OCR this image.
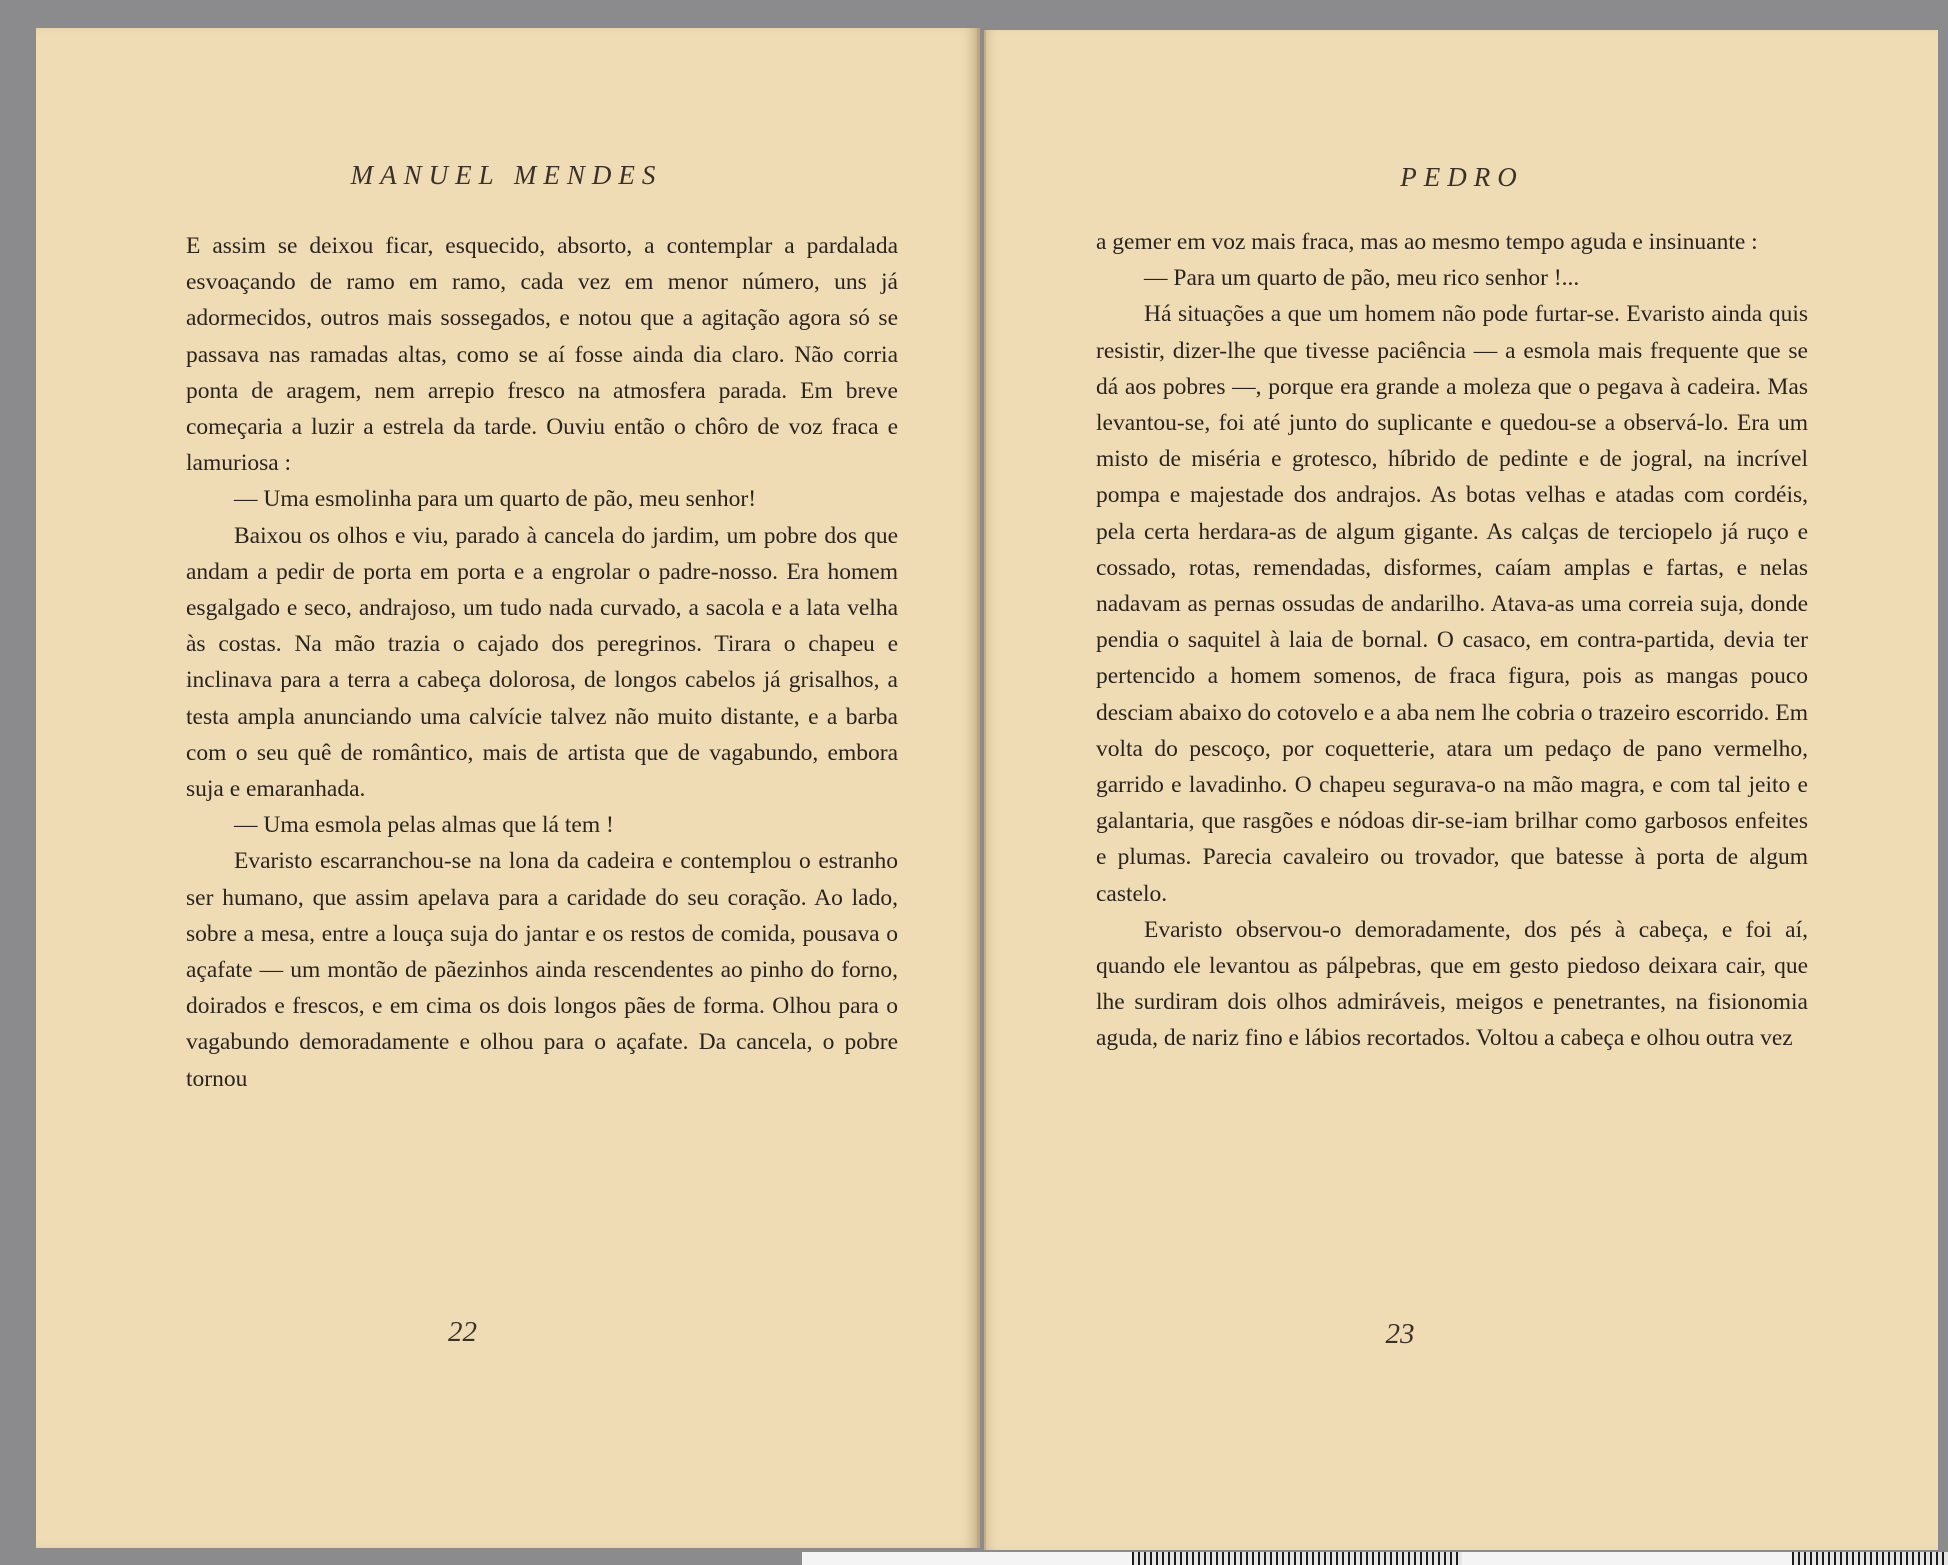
MANUEL MENDES

E assim se deixou ficar, esquecido, absorto, a contemplar a pardalada esvoaçando de ramo em ramo, cada vez em menor número, uns já adormecidos, outros mais sossegados, e notou que a agitação agora só se passava nas ramadas altas, como se aí fosse ainda dia claro. Não corria ponta de aragem, nem arrepio fresco na atmosfera parada. Em breve começaria a luzir a estrela da tarde. Ouviu então o chôro de voz fraca e lamuriosa :

— Uma esmolinha para um quarto de pão, meu senhor!

Baixou os olhos e viu, parado à cancela do jardim, um pobre dos que andam a pedir de porta em porta e a engrolar o padre-nosso. Era homem esgalgado e seco, andrajoso, um tudo nada curvado, a sacola e a lata velha às costas. Na mão trazia o cajado dos peregrinos. Tirara o chapeu e inclinava para a terra a cabeça dolorosa, de longos cabelos já grisalhos, a testa ampla anunciando uma calvície talvez não muito distante, e a barba com o seu quê de romântico, mais de artista que de vagabundo, embora suja e emaranhada.

— Uma esmola pelas almas que lá tem !

Evaristo escarranchou-se na lona da cadeira e contemplou o estranho ser humano, que assim apelava para a caridade do seu coração. Ao lado, sobre a mesa, entre a louça suja do jantar e os restos de comida, pousava o açafate — um montão de pãezinhos ainda rescendentes ao pinho do forno, doirados e frescos, e em cima os dois longos pães de forma. Olhou para o vagabundo demoradamente e olhou para o açafate. Da cancela, o pobre tornou

22
PEDRO

a gemer em voz mais fraca, mas ao mesmo tempo aguda e insinuante :

— Para um quarto de pão, meu rico senhor !...

Há situações a que um homem não pode furtar-se. Evaristo ainda quis resistir, dizer-lhe que tivesse paciência — a esmola mais frequente que se dá aos pobres —, porque era grande a moleza que o pegava à cadeira. Mas levantou-se, foi até junto do suplicante e quedou-se a observá-lo. Era um misto de miséria e grotesco, híbrido de pedinte e de jogral, na incrível pompa e majestade dos andrajos. As botas velhas e atadas com cordéis, pela certa herdara-as de algum gigante. As calças de terciopelo já ruço e cossado, rotas, remendadas, disformes, caíam amplas e fartas, e nelas nadavam as pernas ossudas de andarilho. Atava-as uma correia suja, donde pendia o saquitel à laia de bornal. O casaco, em contra-partida, devia ter pertencido a homem somenos, de fraca figura, pois as mangas pouco desciam abaixo do cotovelo e a aba nem lhe cobria o trazeiro escorrido. Em volta do pescoço, por coquetterie, atara um pedaço de pano vermelho, garrido e lavadinho. O chapeu segurava-o na mão magra, e com tal jeito e galantaria, que rasgões e nódoas dir-se-iam brilhar como garbosos enfeites e plumas. Parecia cavaleiro ou trovador, que batesse à porta de algum castelo.

Evaristo observou-o demoradamente, dos pés à cabeça, e foi aí, quando ele levantou as pálpebras, que em gesto piedoso deixara cair, que lhe surdiram dois olhos admiráveis, meigos e penetrantes, na fisionomia aguda, de nariz fino e lábios recortados. Voltou a cabeça e olhou outra vez

23
